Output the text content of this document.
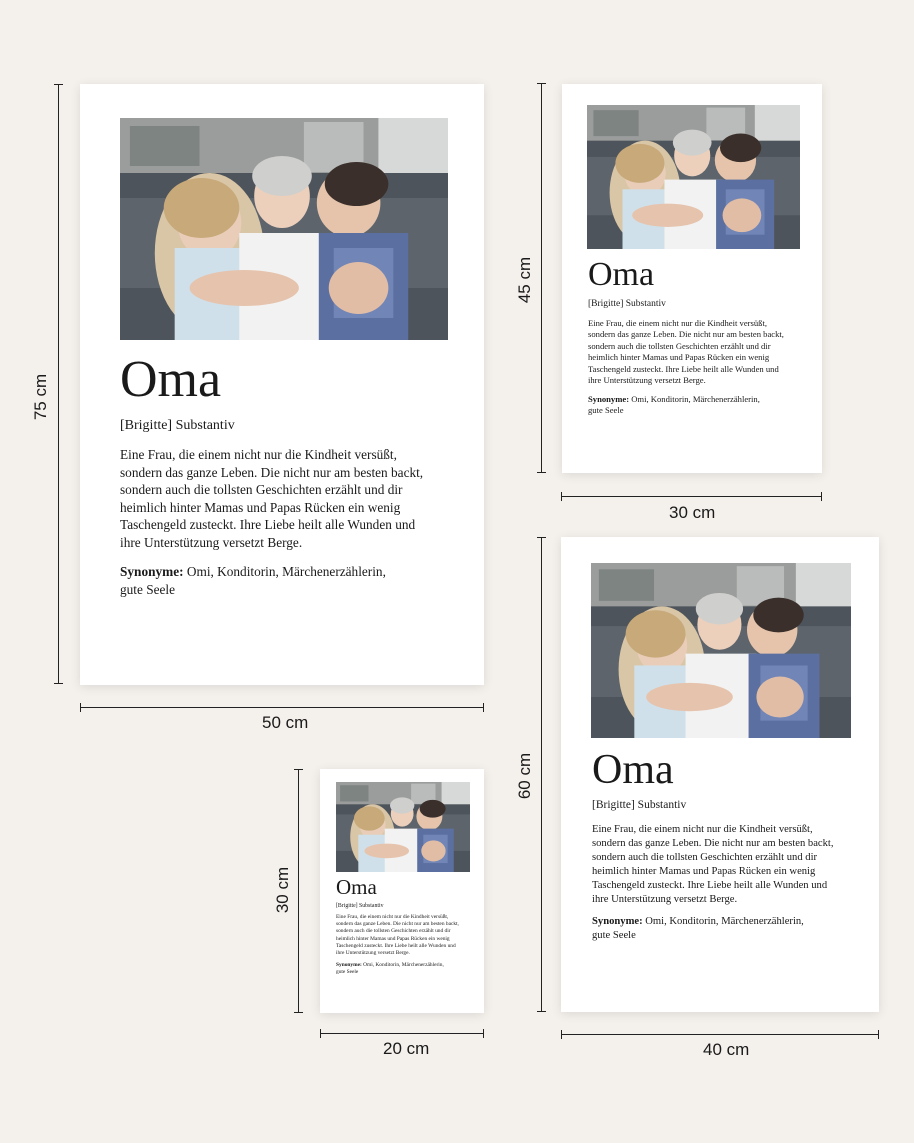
Oma

[Brigitte] Substantiv

Eine Frau, die einem nicht nur die Kindheit versüßt,
sondern das ganze Leben. Die nicht nur am besten backt,
sondern auch die tollsten Geschichten erzählt und dir
heimlich hinter Mamas und Papas Rücken ein wenig
Taschengeld zusteckt. Ihre Liebe heilt alle Wunden und
ihre Unterstützung versetzt Berge.

Synonyme: Omi, Konditorin, Märchenerzählerin,
gute Seele

Oma

[Brigitte] Substantiv

Eine Frau, die einem nicht nur die Kindheit versüßt,
sondern das ganze Leben. Die nicht nur am besten backt,
sondern auch die tollsten Geschichten erzählt und dir
heimlich hinter Mamas und Papas Rücken ein wenig
Taschengeld zusteckt. Ihre Liebe heilt alle Wunden und
ihre Unterstützung versetzt Berge.

Synonyme: Omi, Konditorin, Märchenerzählerin,
gute Seele

Oma

[Brigitte] Substantiv

Eine Frau, die einem nicht nur die Kindheit versüßt,
sondern das ganze Leben. Die nicht nur am besten backt,
sondern auch die tollsten Geschichten erzählt und dir
heimlich hinter Mamas und Papas Rücken ein wenig
Taschengeld zusteckt. Ihre Liebe heilt alle Wunden und
ihre Unterstützung versetzt Berge.

Synonyme: Omi, Konditorin, Märchenerzählerin,
gute Seele

Oma

[Brigitte] Substantiv

Eine Frau, die einem nicht nur die Kindheit versüßt,
sondern das ganze Leben. Die nicht nur am besten backt,
sondern auch die tollsten Geschichten erzählt und dir
heimlich hinter Mamas und Papas Rücken ein wenig
Taschengeld zusteckt. Ihre Liebe heilt alle Wunden und
ihre Unterstützung versetzt Berge.

Synonyme: Omi, Konditorin, Märchenerzählerin,
gute Seele

75 cm
50 cm
45 cm
30 cm
60 cm
40 cm
30 cm
20 cm
